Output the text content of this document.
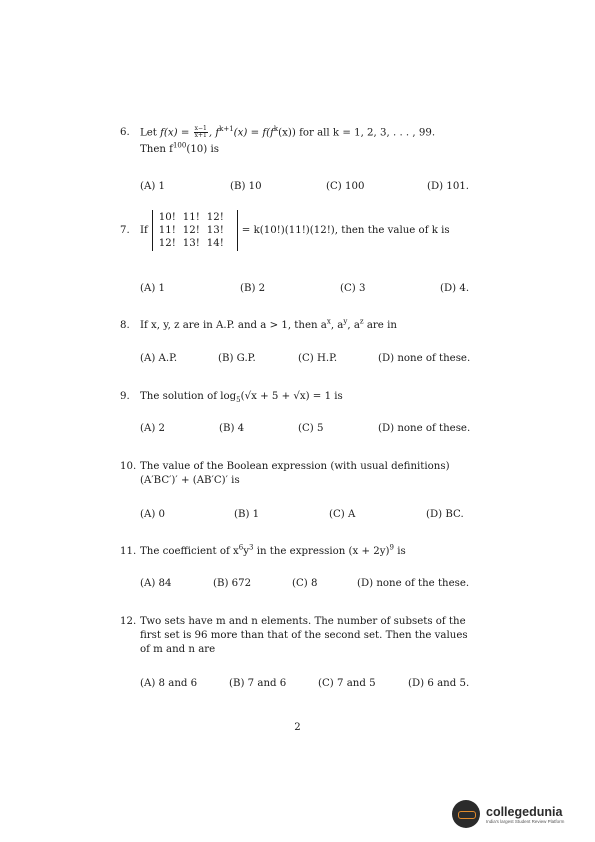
6.	Let $f(x) = \frac{x-1}{x+1}$ , $f^{k+1}(x) = f(f^k(x))$ for all k = 1, 2, 3, . . . , 99.
Then $f^{100}(10)$ is
(A) 1	(B) 10	(C) 100	(D) 101.
7.	If
10! 11! 12!
11! 12! 13!
12! 13! 14!
= k(10!)(11!)(12!), then the value of k is
(A) 1	(B) 2	(C) 3	(D) 4.
8.	If x, y, z are in A.P. and a > 1, then $a^x$, $a^y$, $a^z$ are in
(A) A.P.	(B) G.P.	(C) H.P.	(D) none of these.
9.	The solution of $\log_5(√x + 5 + √x) = 1$ is
(A) 2	(B) 4	(C) 5	(D) none of these.
10. The value of the Boolean expression (with usual definitions)
(A′BC′)′ + (AB′C)′ is
(A) 0	(B) 1	(C) A	(D) BC.
11. The coefficient of $x^6y^3$ in the expression $(x + 2y)^9$ is
(A) 84	(B) 672	(C) 8	(D) none of the these.
12. Two sets have m and n elements. The number of subsets of the
first set is 96 more than that of the second set. Then the values
of m and n are
(A) 8 and 6	(B) 7 and 6	(C) 7 and 5	(D) 6 and 5.
2
collegedunia
India's largest Student Review Platform
